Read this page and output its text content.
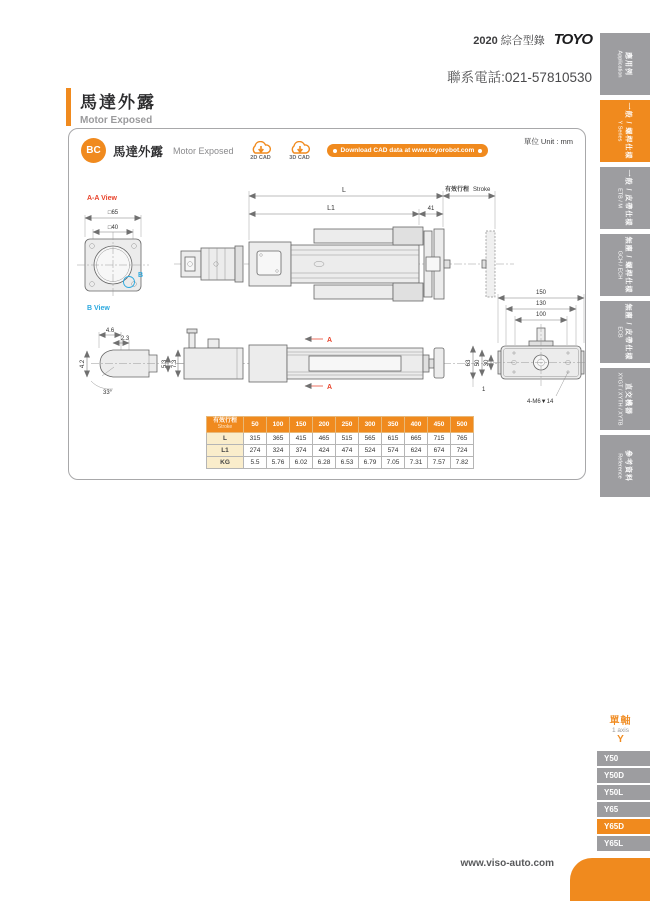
2020 綜合型錄 TOYO
聯系電話:021-57810530
應用例
Application
一般 / 螺桿仕樣
Y Series
一般 / 皮帶仕樣
ETB / M
無塵 / 螺桿仕樣
GCH / ECH
無塵 / 皮帶仕樣
ECB
直交機器
XYGT / XYTH / XYTB
參考資料
Reference
馬達外露
Motor Exposed
BC 馬達外露 Motor Exposed
2D CAD	3D CAD
Download CAD data at www.toyorobot.com
單位 Unit : mm
A-A View
□65
□40
B
B View
4.6
2.3
4.2	5.3 7.3
33°
L
L1	41
有效行程 Stroke
A
A
150
130
100
4-M6▼14
63 50 30
1
有效行程
Stroke	50	100	150	200	250	300	350	400	450	500
L	315	365	415	465	515	565	615	665	715	765
L1	274	324	374	424	474	524	574	624	674	724
KG	5.5	5.76	6.02	6.28	6.53	6.79	7.05	7.31	7.57	7.82
單軸
1 axis
Y
Y50
Y50D
Y50L
Y65
Y65D
Y65L
www.viso-auto.com
